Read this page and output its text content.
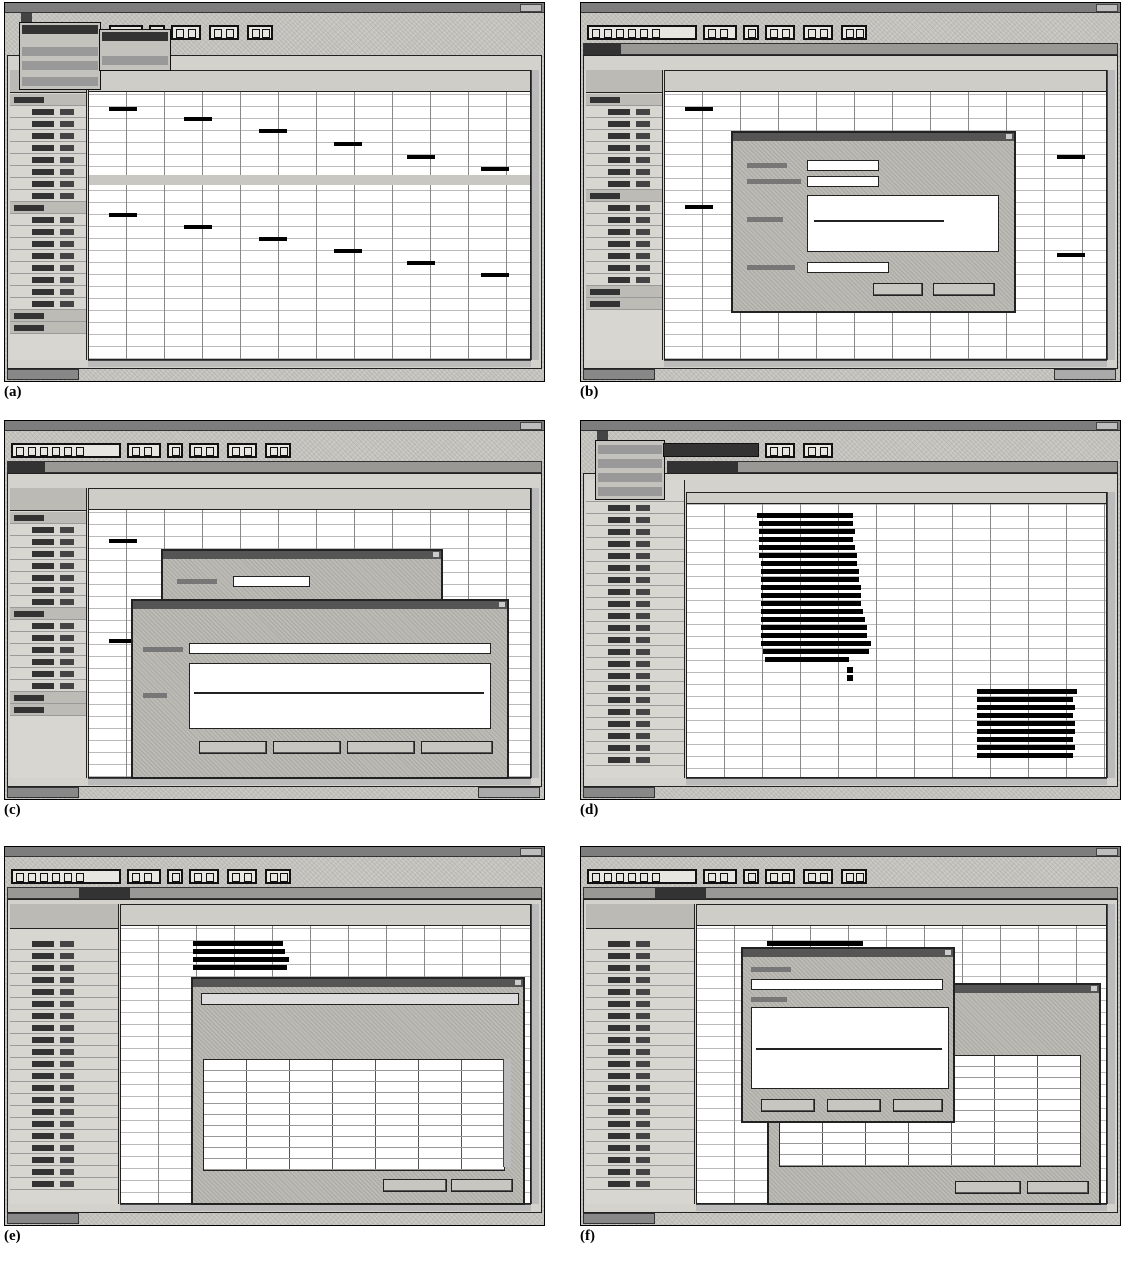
(a)

	(b)

(c)

	(d)

(e)

	(f)
